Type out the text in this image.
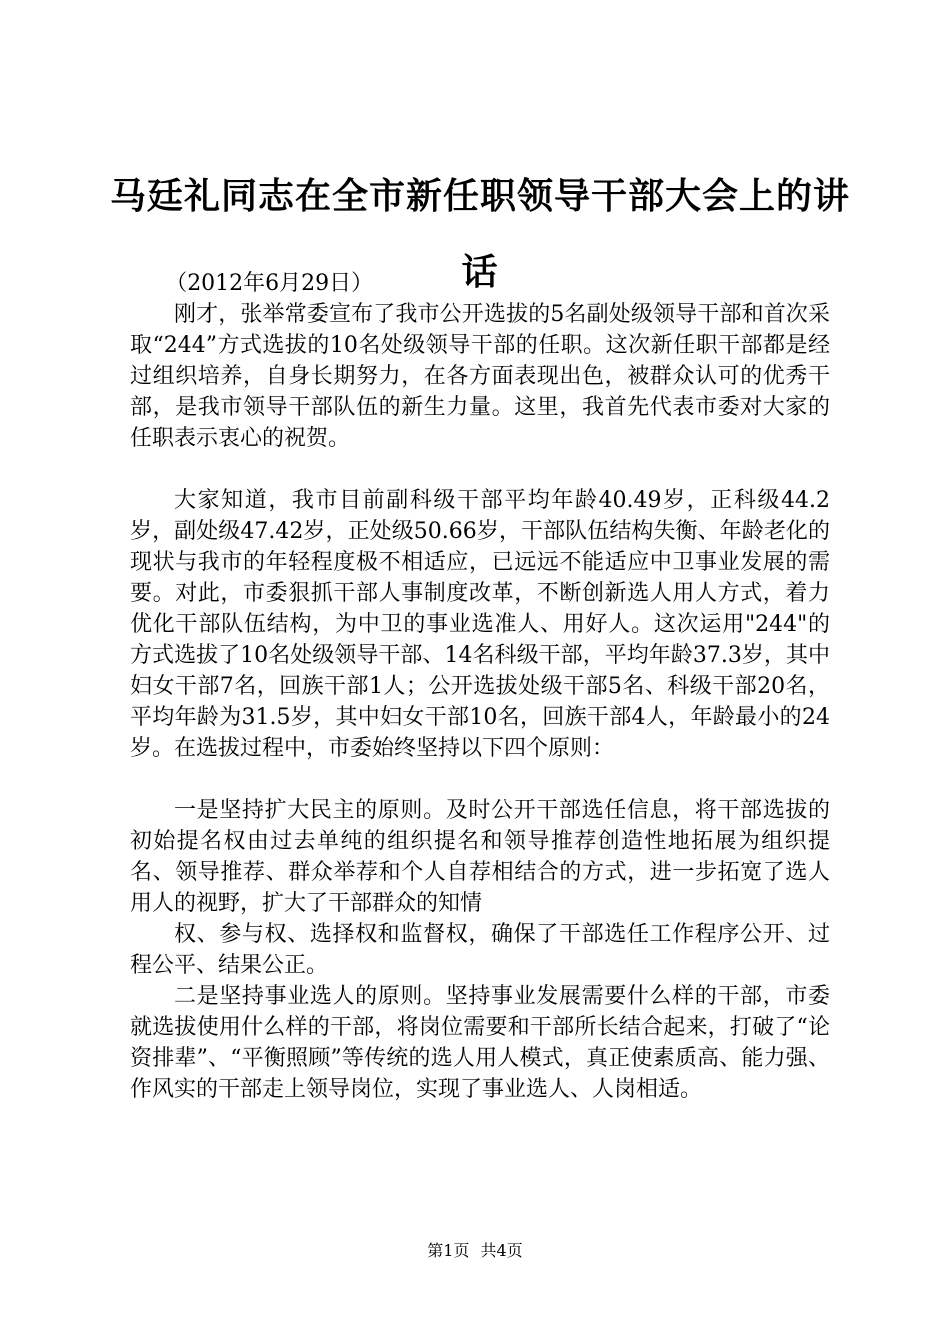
马廷礼同志在全市新任职领导干部大会上的讲话

（2012年6月29日）

刚才，张举常委宣布了我市公开选拔的5名副处级领导干部和首次采取“244”方式选拔的10名处级领导干部的任职。这次新任职干部都是经过组织培养，自身长期努力，在各方面表现出色，被群众认可的优秀干部，是我市领导干部队伍的新生力量。这里，我首先代表市委对大家的任职表示衷心的祝贺。

大家知道，我市目前副科级干部平均年龄40.49岁，正科级44.2岁，副处级47.42岁，正处级50.66岁，干部队伍结构失衡、年龄老化的现状与我市的年轻程度极不相适应，已远远不能适应中卫事业发展的需要。对此，市委狠抓干部人事制度改革，不断创新选人用人方式，着力优化干部队伍结构，为中卫的事业选准人、用好人。这次运用"244"的方式选拔了10名处级领导干部、14名科级干部，平均年龄37.3岁，其中妇女干部7名，回族干部1人；公开选拔处级干部5名、科级干部20名，平均年龄为31.5岁，其中妇女干部10名，回族干部4人，年龄最小的24岁。在选拔过程中，市委始终坚持以下四个原则：

一是坚持扩大民主的原则。及时公开干部选任信息，将干部选拔的初始提名权由过去单纯的组织提名和领导推荐创造性地拓展为组织提名、领导推荐、群众举荐和个人自荐相结合的方式，进一步拓宽了选人用人的视野，扩大了干部群众的知情

权、参与权、选择权和监督权，确保了干部选任工作程序公开、过程公平、结果公正。

二是坚持事业选人的原则。坚持事业发展需要什么样的干部，市委就选拔使用什么样的干部，将岗位需要和干部所长结合起来，打破了“论资排辈”、“平衡照顾”等传统的选人用人模式，真正使素质高、能力强、作风实的干部走上领导岗位，实现了事业选人、人岗相适。

第1页 共4页
